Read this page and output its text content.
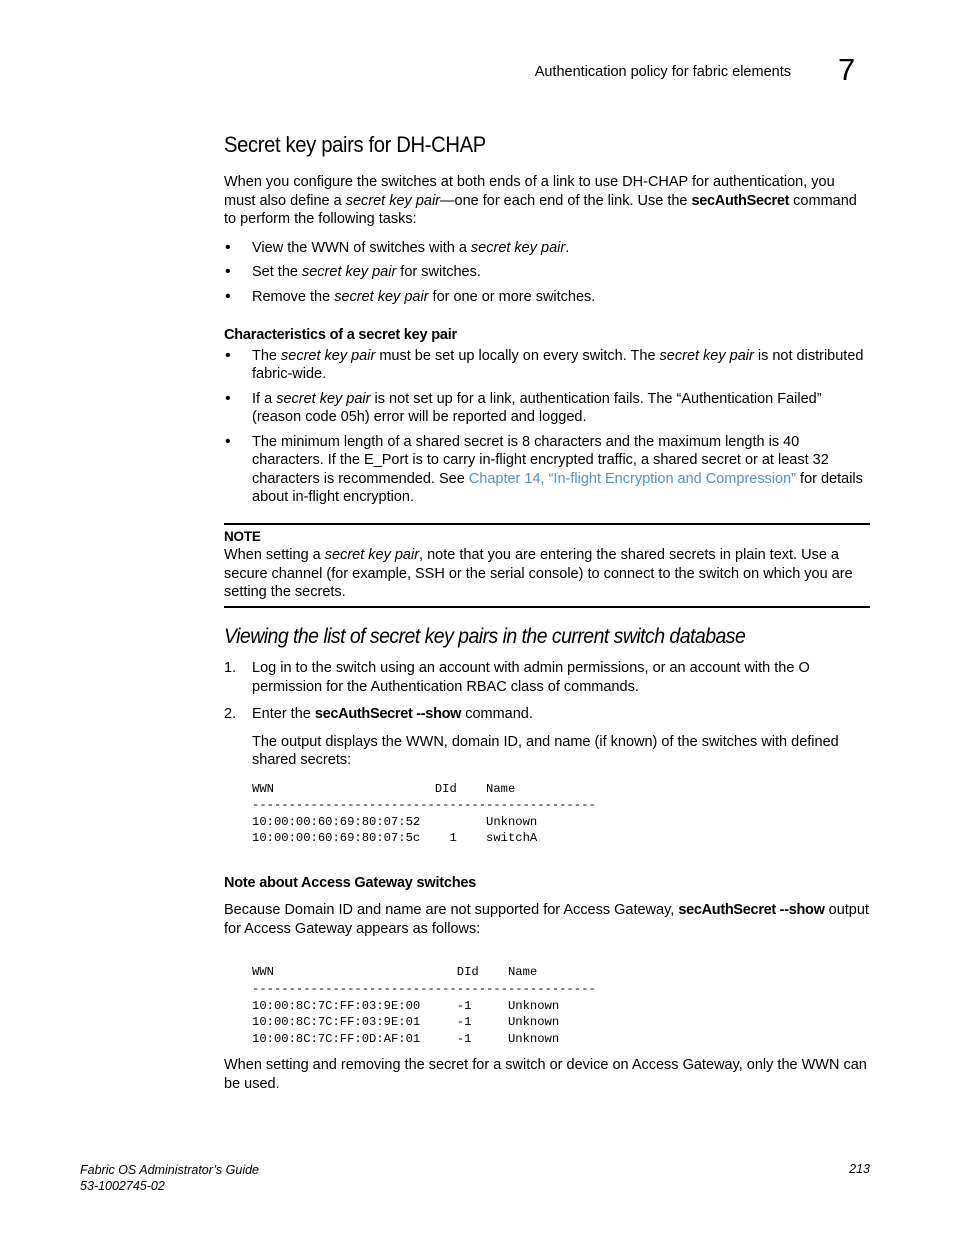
Authentication policy for fabric elements 7
Secret key pairs for DH-CHAP

When you configure the switches at both ends of a link to use DH-CHAP for authentication, you must also define a secret key pair—one for each end of the link. Use the secAuthSecret command to perform the following tasks:

• View the WWN of switches with a secret key pair.
• Set the secret key pair for switches.
• Remove the secret key pair for one or more switches.
Characteristics of a secret key pair
• The secret key pair must be set up locally on every switch. The secret key pair is not distributed fabric-wide.
• If a secret key pair is not set up for a link, authentication fails. The “Authentication Failed” (reason code 05h) error will be reported and logged.
• The minimum length of a shared secret is 8 characters and the maximum length is 40 characters. If the E_Port is to carry in-flight encrypted traffic, a shared secret or at least 32 characters is recommended. See Chapter 14, “In-flight Encryption and Compression” for details about in-flight encryption.
NOTE

When setting a secret key pair, note that you are entering the shared secrets in plain text. Use a secure channel (for example, SSH or the serial console) to connect to the switch on which you are setting the secrets.

Viewing the list of secret key pairs in the current switch database
1. Log in to the switch using an account with admin permissions, or an account with the O permission for the Authentication RBAC class of commands.
2. Enter the secAuthSecret --show command.

The output displays the WWN, domain ID, and name (if known) of the switches with defined shared secrets:

WWN                      DId    Name
-----------------------------------------------
10:00:00:60:69:80:07:52         Unknown
10:00:00:60:69:80:07:5c    1    switchA
Note about Access Gateway switches

Because Domain ID and name are not supported for Access Gateway, secAuthSecret --show output for Access Gateway appears as follows:

WWN                         DId    Name
-----------------------------------------------
10:00:8C:7C:FF:03:9E:00     -1     Unknown
10:00:8C:7C:FF:03:9E:01     -1     Unknown
10:00:8C:7C:FF:0D:AF:01     -1     Unknown

When setting and removing the secret for a switch or device on Access Gateway, only the WWN can be used.

Fabric OS Administrator’s Guide
53-1002745-02
213
